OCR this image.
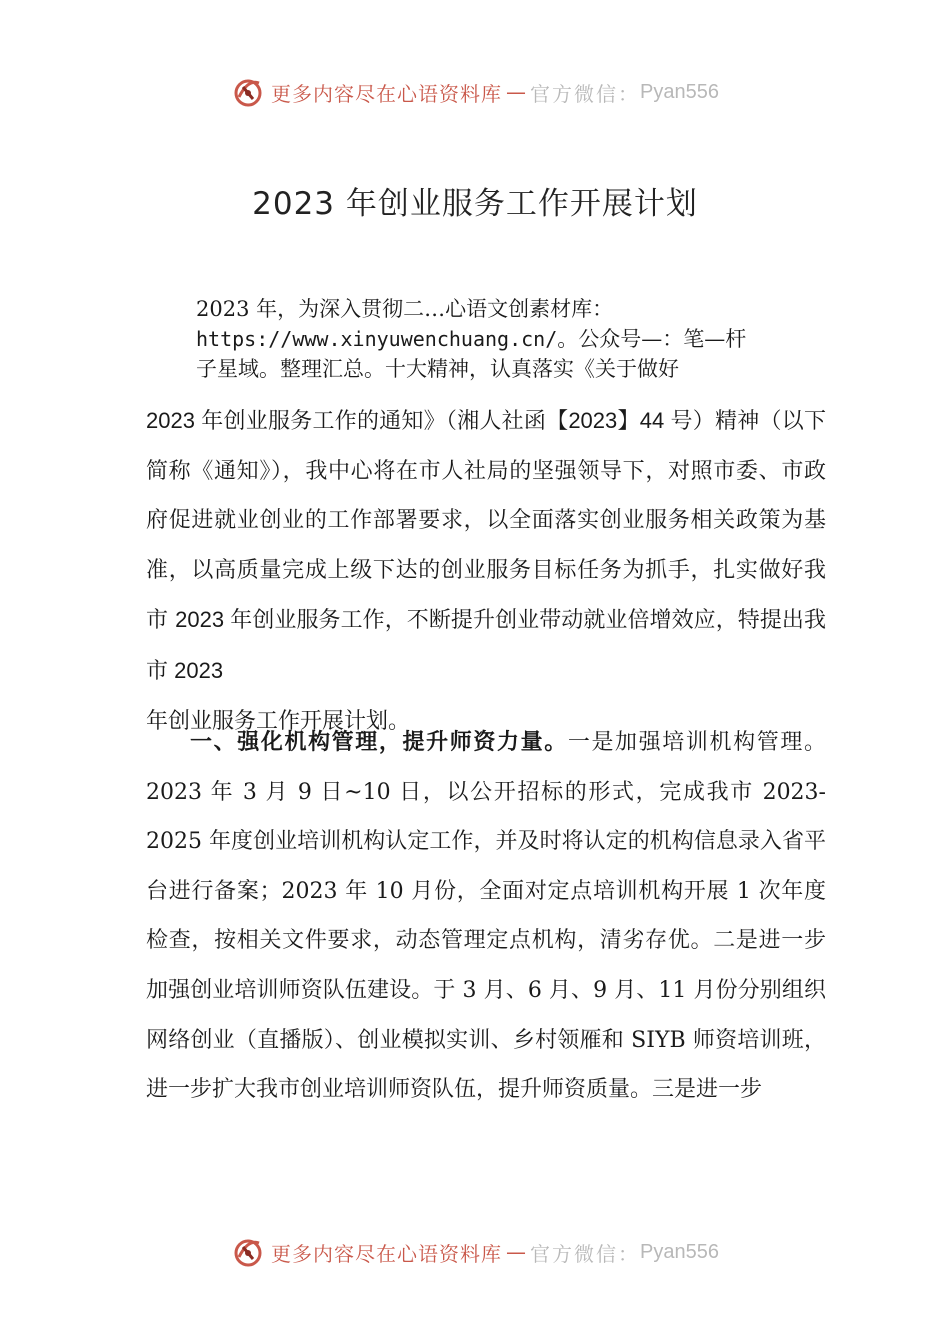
更多内容尽在心语资料库 — 官方微信： Pyan556
2023 年创业服务工作开展计划
2023 年，为深入贯彻二…心语文创素材库：
https://www.xinyuwenchuang.cn/。公众号—：笔—杆
子星域。整理汇总。十大精神，认真落实《关于做好

2023 年创业服务工作的通知》（湘人社函【2023】44 号）精神（以下简称《通知》），我中心将在市人社局的坚强领导下，对照市委、市政府促进就业创业的工作部署要求，以全面落实创业服务相关政策为基准，以高质量完成上级下达的创业服务目标任务为抓手，扎实做好我市 2023 年创业服务工作，不断提升创业带动就业倍增效应，特提出我市 2023
年创业服务工作开展计划。

一、强化机构管理，提升师资力量。一是加强培训机构管理。2023 年 3 月 9 日~10 日，以公开招标的形式，完成我市 2023-2025 年度创业培训机构认定工作，并及时将认定的机构信息录入省平台进行备案；2023 年 10 月份，全面对定点培训机构开展 1 次年度检查，按相关文件要求，动态管理定点机构，清劣存优。二是进一步加强创业培训师资队伍建设。于 3 月、6 月、9 月、11 月份分别组织网络创业（直播版）、创业模拟实训、乡村领雁和 SIYB 师资培训班，进一步扩大我市创业培训师资队伍，提升师资质量。三是进一步

更多内容尽在心语资料库 — 官方微信： Pyan556
